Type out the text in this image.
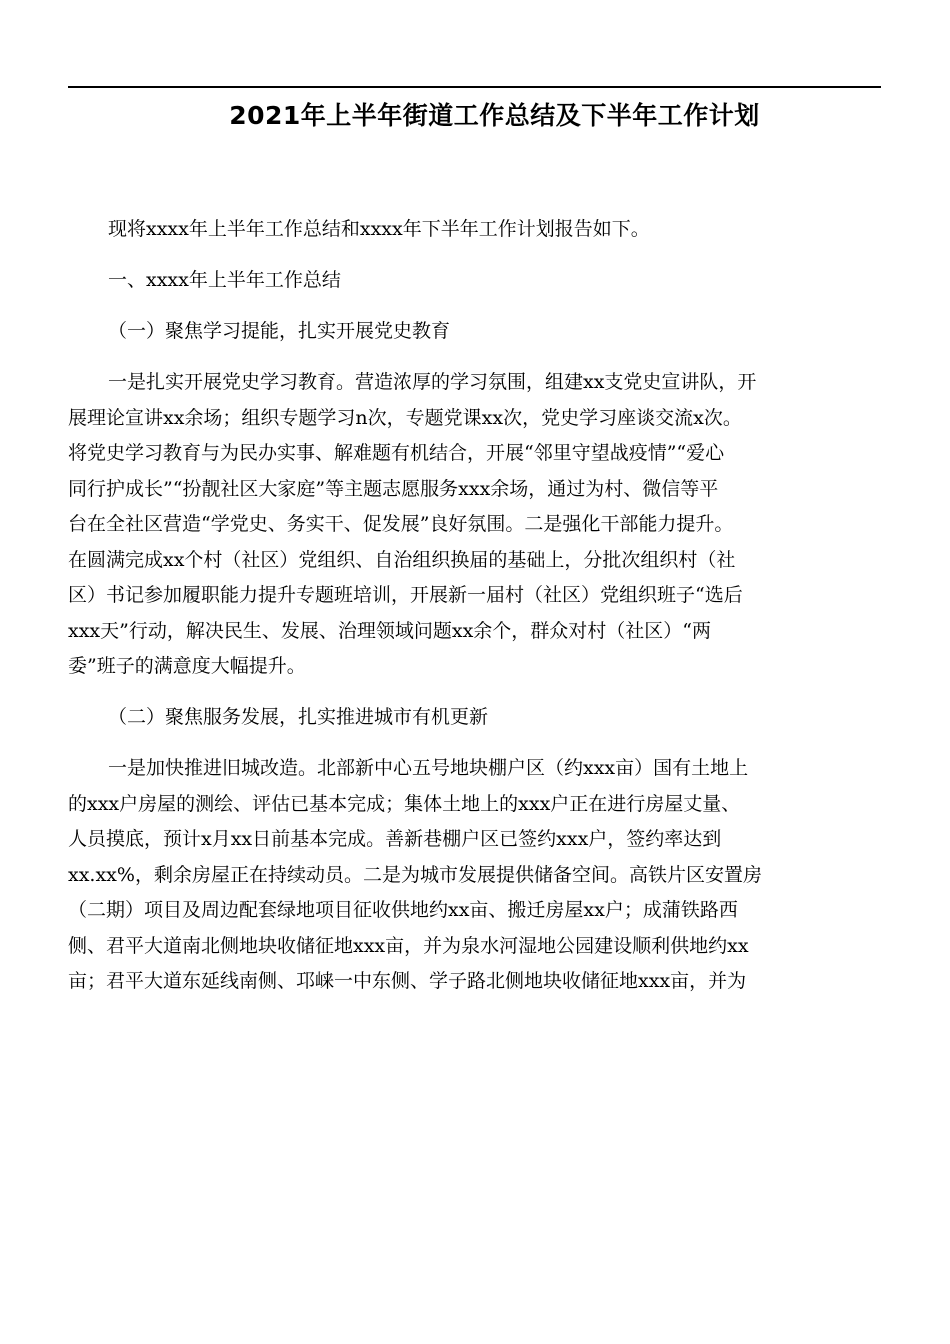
2021年上半年街道工作总结及下半年工作计划

现将xxxx年上半年工作总结和xxxx年下半年工作计划报告如下。

一、xxxx年上半年工作总结

（一）聚焦学习提能，扎实开展党史教育

一是扎实开展党史学习教育。营造浓厚的学习氛围，组建xx支党史宣讲队，开
展理论宣讲xx余场；组织专题学习n次，专题党课xx次，党史学习座谈交流x次。
将党史学习教育与为民办实事、解难题有机结合，开展“邻里守望战疫情”“爱心
同行护成长”“扮靓社区大家庭”等主题志愿服务xxx余场，通过为村、微信等平
台在全社区营造“学党史、务实干、促发展”良好氛围。二是强化干部能力提升。
在圆满完成xx个村（社区）党组织、自治组织换届的基础上，分批次组织村（社
区）书记参加履职能力提升专题班培训，开展新一届村（社区）党组织班子“选后
xxx天”行动，解决民生、发展、治理领域问题xx余个，群众对村（社区）“两
委”班子的满意度大幅提升。

（二）聚焦服务发展，扎实推进城市有机更新

一是加快推进旧城改造。北部新中心五号地块棚户区（约xxx亩）国有土地上
的xxx户房屋的测绘、评估已基本完成；集体土地上的xxx户正在进行房屋丈量、
人员摸底，预计x月xx日前基本完成。善新巷棚户区已签约xxx户，签约率达到
xx.xx%，剩余房屋正在持续动员。二是为城市发展提供储备空间。高铁片区安置房
（二期）项目及周边配套绿地项目征收供地约xx亩、搬迁房屋xx户；成蒲铁路西
侧、君平大道南北侧地块收储征地xxx亩，并为泉水河湿地公园建设顺利供地约xx
亩；君平大道东延线南侧、邛崃一中东侧、学子路北侧地块收储征地xxx亩，并为
